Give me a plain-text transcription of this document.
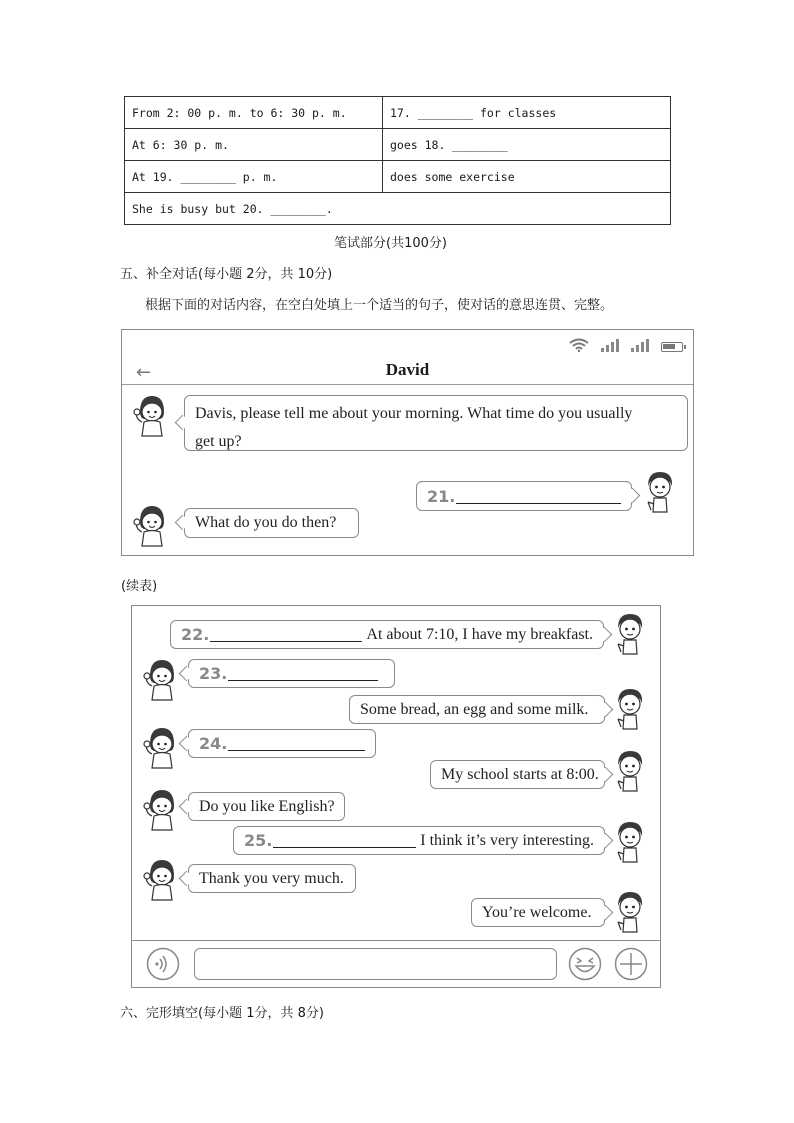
From 2: 00 p. m. to 6: 30 p. m.	17. ________ for classes
At 6: 30 p. m.	goes 18. ________
At 19. ________ p. m.	does some exercise
She is busy but 20. ________.	
笔试部分(共100分)
五、补全对话(每小题 2分，共 10分)
根据下面的对话内容，在空白处填上一个适当的句子，使对话的意思连贯、完整。
←	David
Davis, please tell me about your morning. What time do you usually
get up?
21.
What do you do then?
(续表)
22.	At about 7:10, I have my breakfast.
23.
Some bread, an egg and some milk.
24.
My school starts at 8:00.
Do you like English?
25.	I think it’s very interesting.
Thank you very much.
You’re welcome.
六、完形填空(每小题 1分，共 8分)
